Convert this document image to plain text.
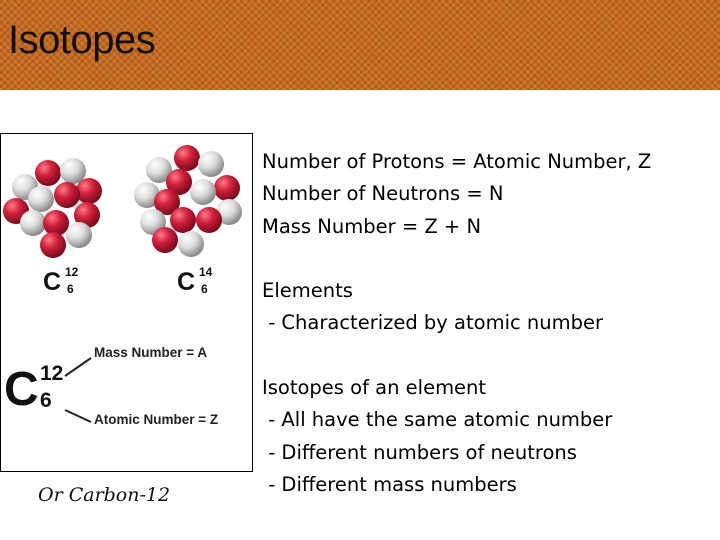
Isotopes
C 12
6	C 14
6
C 12
6
Mass Number = A
Atomic Number = Z
Or Carbon-12
Number of Protons = Atomic Number, Z
Number of Neutrons = N
Mass Number = Z + N
Elements
- Characterized by atomic number
Isotopes of an element
- All have the same atomic number
- Different numbers of neutrons
- Different mass numbers
